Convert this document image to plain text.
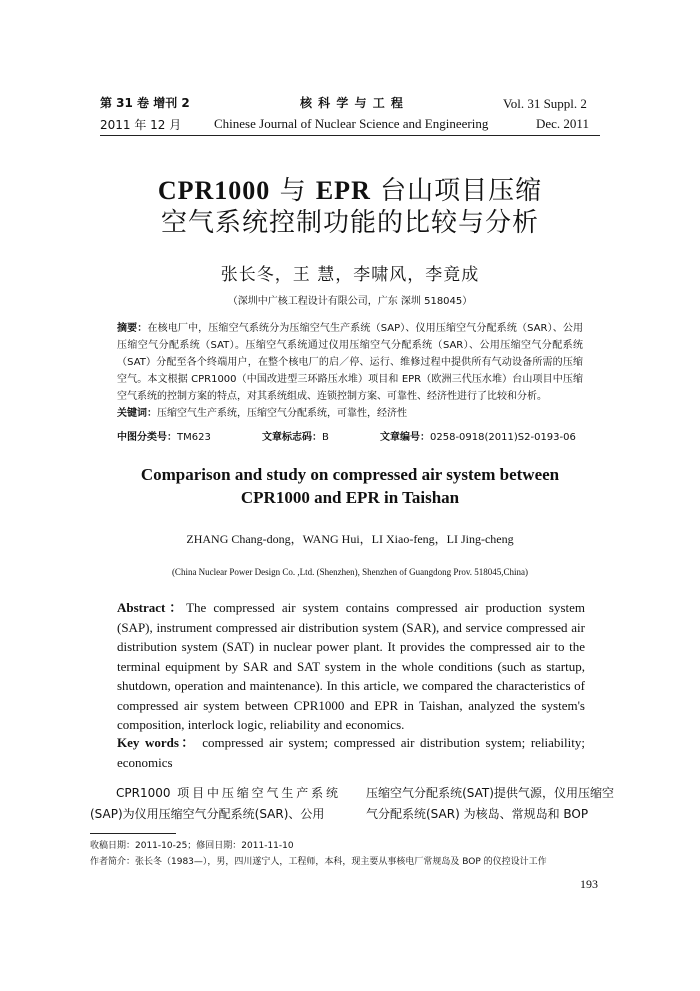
第 31 卷 增刊 2
2011 年 12 月
核 科 学 与 工 程
Chinese Journal of Nuclear Science and Engineering
Vol. 31 Suppl. 2
Dec. 2011
CPR1000 与 EPR 台山项目压缩
空气系统控制功能的比较与分析
张长冬，王 慧，李啸风，李竟成
（深圳中广核工程设计有限公司，广东 深圳 518045）
摘要：在核电厂中，压缩空气系统分为压缩空气生产系统（SAP）、仪用压缩空气分配系统（SAR）、公用压缩空气分配系统（SAT）。压缩空气系统通过仪用压缩空气分配系统（SAR）、公用压缩空气分配系统（SAT）分配至各个终端用户，在整个核电厂的启／停、运行、维修过程中提供所有气动设备所需的压缩空气。本文根据 CPR1000（中国改进型三环路压水堆）项目和 EPR（欧洲三代压水堆）台山项目中压缩空气系统的控制方案的特点，对其系统组成、连锁控制方案、可靠性、经济性进行了比较和分析。
关键词：压缩空气生产系统，压缩空气分配系统，可靠性，经济性
中图分类号：TM623	文章标志码：B	文章编号：0258-0918(2011)S2-0193-06
Comparison and study on compressed air system between
CPR1000 and EPR in Taishan
ZHANG Chang-dong，WANG Hui，LI Xiao-feng，LI Jing-cheng
(China Nuclear Power Design Co. ,Ltd. (Shenzhen), Shenzhen of Guangdong Prov. 518045,China)
Abstract：The compressed air system contains compressed air production system (SAP), instrument compressed air distribution system (SAR), and service compressed air distribution system (SAT) in nuclear power plant. It provides the compressed air to the terminal equipment by SAR and SAT system in the whole conditions (such as startup, shutdown, operation and maintenance). In this article, we compared the characteristics of compressed air system between CPR1000 and EPR in Taishan, analyzed the system's composition, interlock logic, reliability and economics.
Key words： compressed air system; compressed air distribution system; reliability; economics
CPR1000 项目中压缩空气生产系统(SAP)为仪用压缩空气分配系统(SAR)、公用
压缩空气分配系统(SAT)提供气源，仪用压缩空气分配系统(SAR) 为核岛、常规岛和 BOP
收稿日期：2011-10-25；修回日期：2011-11-10
作者简介：张长冬（1983—），男，四川遂宁人，工程师，本科，现主要从事核电厂常规岛及 BOP 的仪控设计工作
193
